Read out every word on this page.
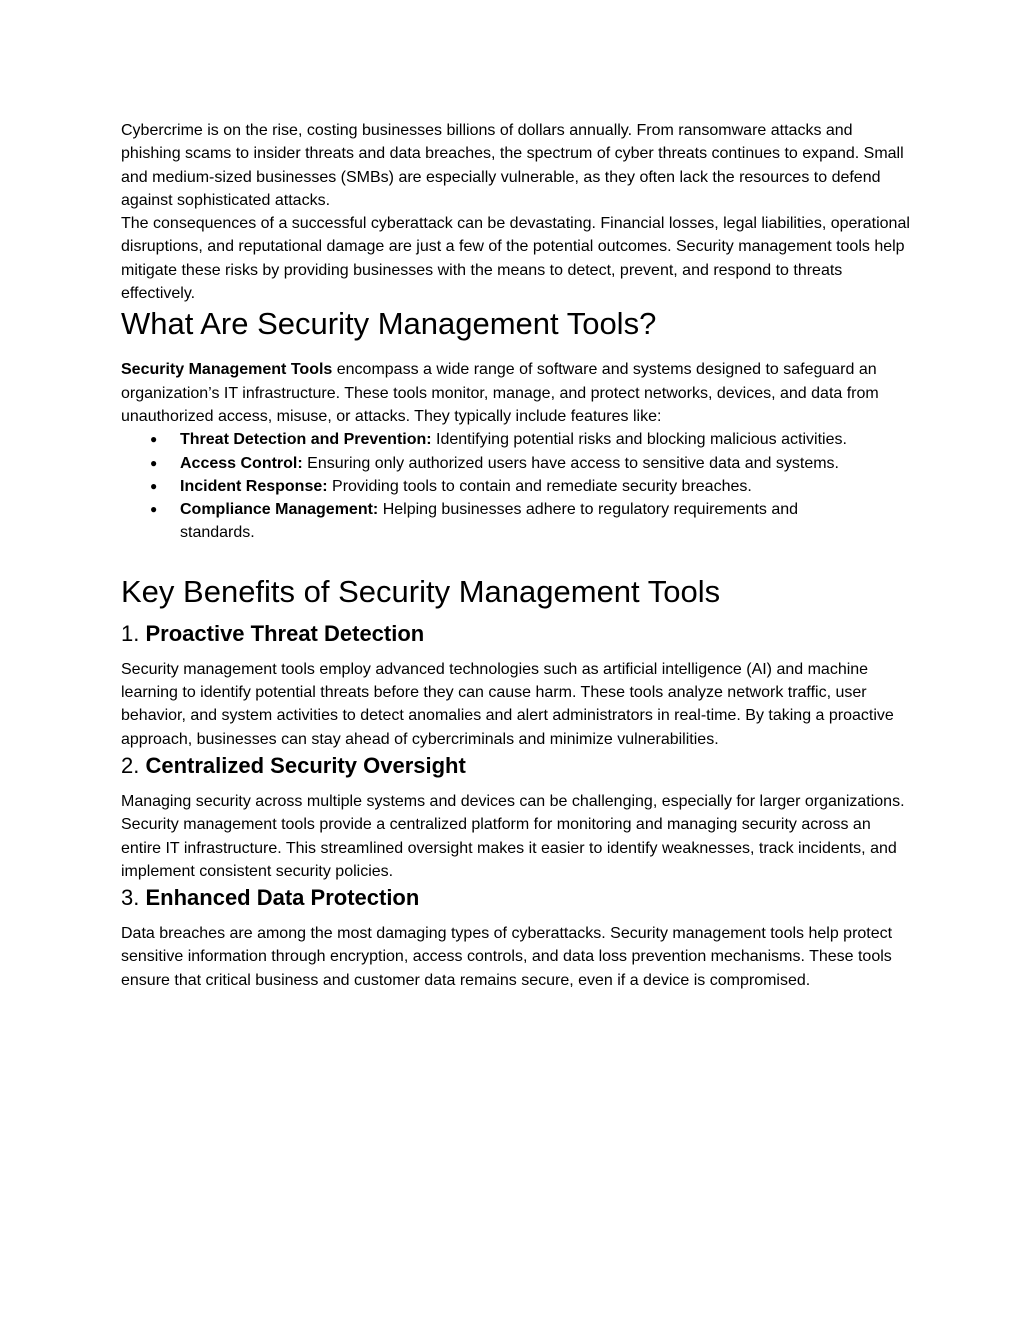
Cybercrime is on the rise, costing businesses billions of dollars annually. From ransomware attacks and phishing scams to insider threats and data breaches, the spectrum of cyber threats continues to expand. Small and medium-sized businesses (SMBs) are especially vulnerable, as they often lack the resources to defend against sophisticated attacks.

The consequences of a successful cyberattack can be devastating. Financial losses, legal liabilities, operational disruptions, and reputational damage are just a few of the potential outcomes. Security management tools help mitigate these risks by providing businesses with the means to detect, prevent, and respond to threats effectively.

What Are Security Management Tools?

Security Management Tools encompass a wide range of software and systems designed to safeguard an organization’s IT infrastructure. These tools monitor, manage, and protect networks, devices, and data from unauthorized access, misuse, or attacks. They typically include features like:

● Threat Detection and Prevention: Identifying potential risks and blocking malicious activities.
● Access Control: Ensuring only authorized users have access to sensitive data and systems.
● Incident Response: Providing tools to contain and remediate security breaches.
● Compliance Management: Helping businesses adhere to regulatory requirements and standards.
Key Benefits of Security Management Tools
1. Proactive Threat Detection

Security management tools employ advanced technologies such as artificial intelligence (AI) and machine learning to identify potential threats before they can cause harm. These tools analyze network traffic, user behavior, and system activities to detect anomalies and alert administrators in real-time. By taking a proactive approach, businesses can stay ahead of cybercriminals and minimize vulnerabilities.

2. Centralized Security Oversight

Managing security across multiple systems and devices can be challenging, especially for larger organizations. Security management tools provide a centralized platform for monitoring and managing security across an entire IT infrastructure. This streamlined oversight makes it easier to identify weaknesses, track incidents, and implement consistent security policies.

3. Enhanced Data Protection

Data breaches are among the most damaging types of cyberattacks. Security management tools help protect sensitive information through encryption, access controls, and data loss prevention mechanisms. These tools ensure that critical business and customer data remains secure, even if a device is compromised.
